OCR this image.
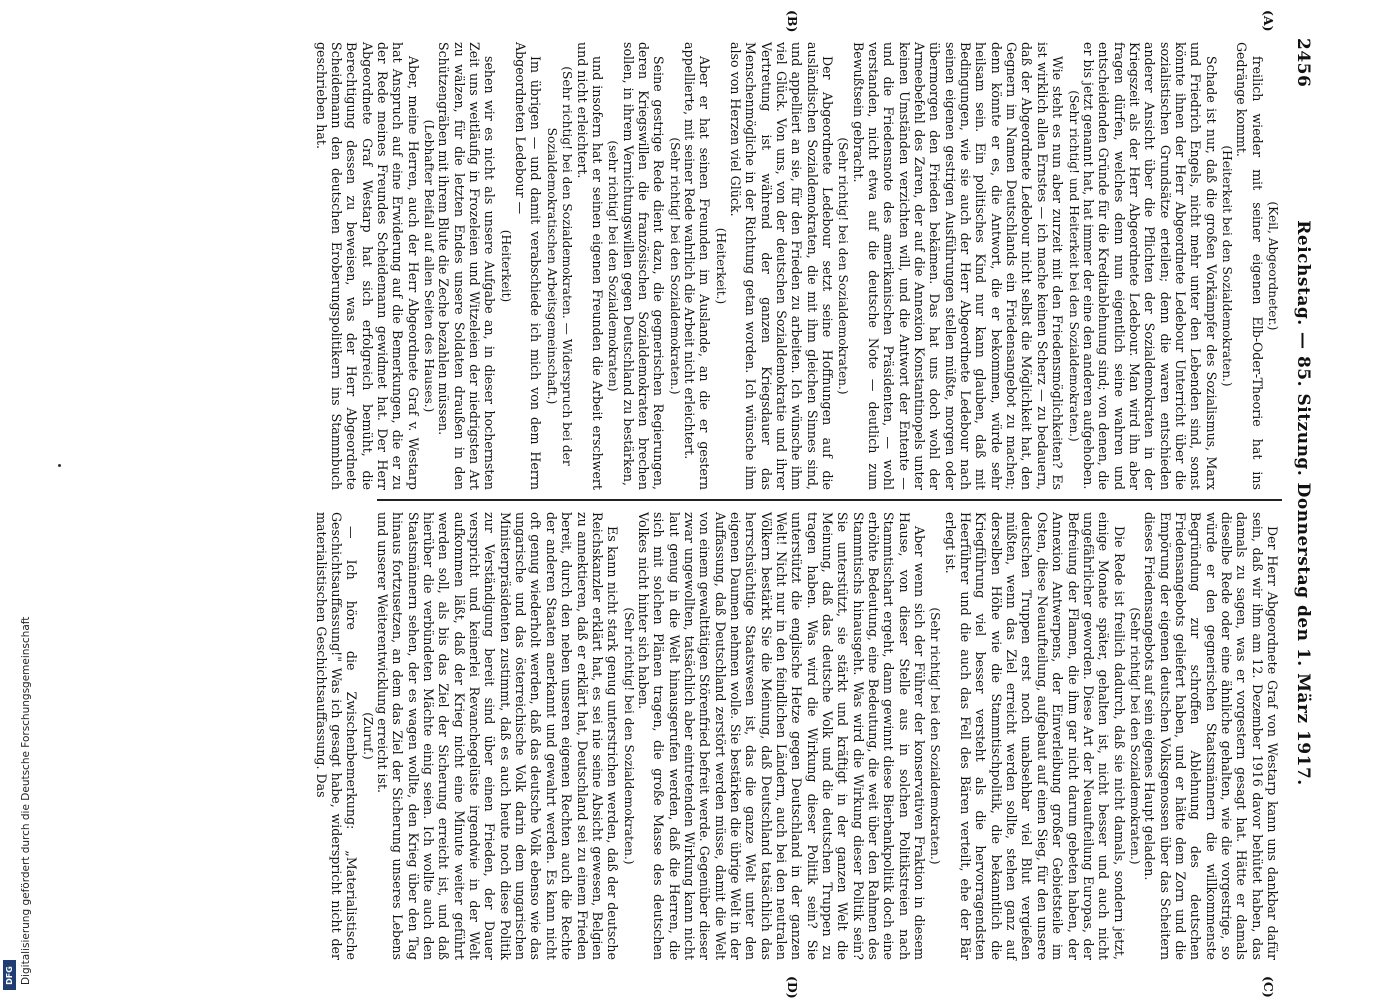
Digitalisierung gefördert durch die Deutsche Forschungsgemeinschaft
DFG
2456
Reichstag. — 85. Sitzung. Donnerstag den 1. März 1917.
(A)
(B)
(C)
(D)

(Keil, Abgeordneter.)

freilich wieder mit seiner eigenen Elb-Oder-Theorie hat ins Gedränge kommt.

(Heiterkeit bei den Sozialdemokraten.)

Schade ist nur, daß die großen Vorkämpfer des Sozialismus, Marx und Friedrich Engels, nicht mehr unter den Lebenden sind, sonst könnte ihnen der Herr Abgeordnete Ledebour Unterricht über die sozialistischen Grundsätze erteilen; denn die waren entschieden anderer Ansicht über die Pflichten der Sozialdemokraten in der Kriegszeit als der Herr Abgeordnete Ledebour. Man wird ihn aber fragen dürfen, welches denn nun eigentlich seine wahren und entscheidenden Gründe für die Kreditablehnung sind; von denen, die er bis jetzt genannt hat, hat immer der eine den anderen aufgehoben.

(Sehr richtig! und Heiterkeit bei den Sozialdemokraten.)

Wie steht es nun aber zurzeit mit den Friedensmöglichkeiten? Es ist wirklich allen Ernstes — ich mache keinen Scherz — zu bedauern, daß der Abgeordnete Ledebour nicht selbst die Möglichkeit hat, den Gegnern im Namen Deutschlands ein Friedensangebot zu machen; denn könnte er es, die Antwort, die er bekommen, würde sehr heilsam sein. Ein politisches Kind nur kann glauben, daß mit Bedingungen, wie sie auch der Herr Abgeordnete Ledebour nach seinen eigenen gestrigen Ausführungen stellen müßte, morgen oder übermorgen den Frieden bekämen. Das hat uns doch wohl der Armeebefehl des Zaren, der auf die Annexion Konstantinopels unter keinen Umständen verzichten will, und die Antwort der Entente — und die Friedensnote des amerikanischen Präsidenten, — wohl verstanden, nicht etwa auf die deutsche Note — deutlich zum Bewußtsein gebracht.

(Sehr richtig! bei den Sozialdemokraten.)

Der Abgeordnete Ledebour setzt seine Hoffnungen auf die ausländischen Sozialdemokraten, die mit ihm gleichen Sinnes sind, und appelliert an sie, für den Frieden zu arbeiten. Ich wünsche ihm viel Glück. Von uns, von der deutschen Sozialdemokratie und ihrer Vertretung ist während der ganzen Kriegsdauer das Menschenmögliche in der Richtung getan worden. Ich wünsche ihm also von Herzen viel Glück.

(Heiterkeit.)

Aber er hat seinen Freunden im Auslande, an die er gestern appellierte, mit seiner Rede wahrlich die Arbeit nicht erleichtert.

(Sehr richtig! bei den Sozialdemokraten.)

Seine gestrige Rede dient dazu, die gegnerischen Regierungen, deren Kriegswillen die französischen Sozialdemokraten brechen sollen, in ihrem Vernichtungswillen gegen Deutschland zu bestärken,

(sehr richtig! bei den Sozialdemokraten)

und insofern hat er seinen eigenen Freunden die Arbeit erschwert und nicht erleichtert.

(Sehr richtig! bei den Sozialdemokraten. — Widerspruch bei der Sozialdemokratischen Arbeitsgemeinschaft.)

Im übrigen — und damit verabschiede ich mich von dem Herrn Abgeordneten Ledebour —

(Heiterkeit)

sehen wir es nicht als unsere Aufgabe an, in dieser hochernsten Zeit uns weitläufig in Frozeleien und Witzeleien der niedrigsten Art zu wälzen, für die letzten Endes unsere Soldaten draußen in den Schützengräben mit ihrem Blute die Zeche bezahlen müssen.

(Lebhafter Beifall auf allen Seiten des Hauses.)

Aber, meine Herren, auch der Herr Abgeordnete Graf v. Westarp hat Anspruch auf eine Erwiderung auf die Bemerkungen, die er zu der Rede meines Freundes Scheidemann gewidmet hat. Der Herr Abgeordnete Graf Westarp hat sich erfolgreich bemüht, die Berechtigung dessen zu beweisen, was der Herr Abgeordnete Scheidemann den deutschen Eroberungspolitikern ins Stammbuch geschrieben hat.

Der Herr Abgeordnete Graf von Westarp kann uns dankbar dafür sein, daß wir ihm am 12. Dezember 1916 davor behütet haben, das damals zu sagen, was er vorgestern gesagt hat. Hätte er damals dieselbe Rede oder eine ähnliche gehalten, wie die vorgestrige, so würde er den gegnerischen Staatsmännern die willkommenste Begründung zur schroffen Ablehnung des deutschen Friedensangebots geliefert haben, und er hätte dem Zorn und die Empörung der eigenen deutschen Volksgenossen über das Scheitern dieses Friedensangebots auf sein eigenes Haupt geladen.

(Sehr richtig! bei den Sozialdemokraten.)

Die Rede ist freilich dadurch, daß sie nicht damals, sondern jetzt, einige Monate später, gehalten ist, nicht besser und auch nicht ungefährlicher geworden. Diese Art der Neuaufteilung Europas, der Befreiung der Flamen, die ihm gar nicht darum gebeten haben, der Annexion Antwerpens, der Einverleibung großer Gebietsteile im Osten, diese Neuaufteilung, aufgebaut auf einen Sieg, für den unsere deutschen Truppen erst noch unabsehbar viel Blut vergießen müßten, wenn das Ziel erreicht werden sollte, stehen ganz auf derselben Höhe wie die Stammtischpolitik, die bekanntlich die Kriegführung viel besser versteht als die hervorragendsten Heerführer und die auch das Fell des Bären verteilt, ehe der Bär erlegt ist.

(Sehr richtig! bei den Sozialdemokraten.)

Aber wenn sich der Führer der konservativen Fraktion in diesem Hause, von dieser Stelle aus in solchen Politikstreien nach Stammtischart ergeht, dann gewinnt diese Bierbankpolitik doch eine erhöhte Bedeutung, eine Bedeutung, die weit über den Rahmen des Stammtischs hinausgeht. Was wird die Wirkung dieser Politik sein? Sie unterstützt, sie stärkt und kräftigt in der ganzen Welt die Meinung, daß das deutsche Volk und die deutschen Truppen zu tragen haben. Was wird die Wirkung dieser Politik sein? Sie unterstützt die englische Hetze gegen Deutschland in der ganzen Welt! Nicht nur in den feindlichen Ländern, auch bei den neutralen Völkern bestärkt Sie die Meinung, daß Deutschland tatsächlich das herrschsüchtige Staatswesen ist, das die ganze Welt unter den eigenen Daumen nehmen wolle. Sie bestärken die übrige Welt in der Auffassung, daß Deutschland zerstört werden müsse, damit die Welt von einem gewalttätigen Störenfried befreit werde. Gegenüber dieser zwar ungewollten, tatsächlich aber eintretenden Wirkung kann nicht laut genug in die Welt hinausgerufen werden, daß die Herren, die sich mit solchen Plänen tragen, die große Masse des deutschen Volkes nicht hinter sich haben.

(Sehr richtig! bei den Sozialdemokraten.)

Es kann nicht stark genug unterstrichen werden, daß der deutsche Reichskanzler erklärt hat, es sei nie seine Absicht gewesen, Belgien zu annektieren, daß er erklärt hat, Deutschland sei zu einem Frieden bereit, durch den neben unseren eigenen Rechten auch die Rechte der anderen Staaten anerkannt und gewahrt werden. Es kann nicht oft genug wiederholt werden, daß das deutsche Volk ebenso wie das ungarische und das österreichische Volk darin dem ungarischen Ministerpräsidenten zustimmt, daß es auch heute noch diese Politik zur Verständigung bereit sind über einen Frieden, der Dauer verspricht und keinerlei Revanchegelüste irgendwie in der Welt aufkommen läßt, daß der Krieg nicht eine Minute weiter geführt werden soll, als bis das Ziel der Sicherung erreicht ist, und daß hierüber die verbündeten Mächte einig seien. Ich wollte auch den Staatsmännern sehen, der es wagen wollte, den Krieg über den Tag hinaus fortzusetzen, an dem das Ziel der Sicherung unseres Lebens und unserer Weiterentwicklung erreicht ist.

(Zuruf.)

— Ich höre die Zwischenbemerkung: „Materialistische Geschichtsauffassung!" Was ich gesagt habe, widerspricht nicht der materialistischen Geschichtsauffassung. Das
